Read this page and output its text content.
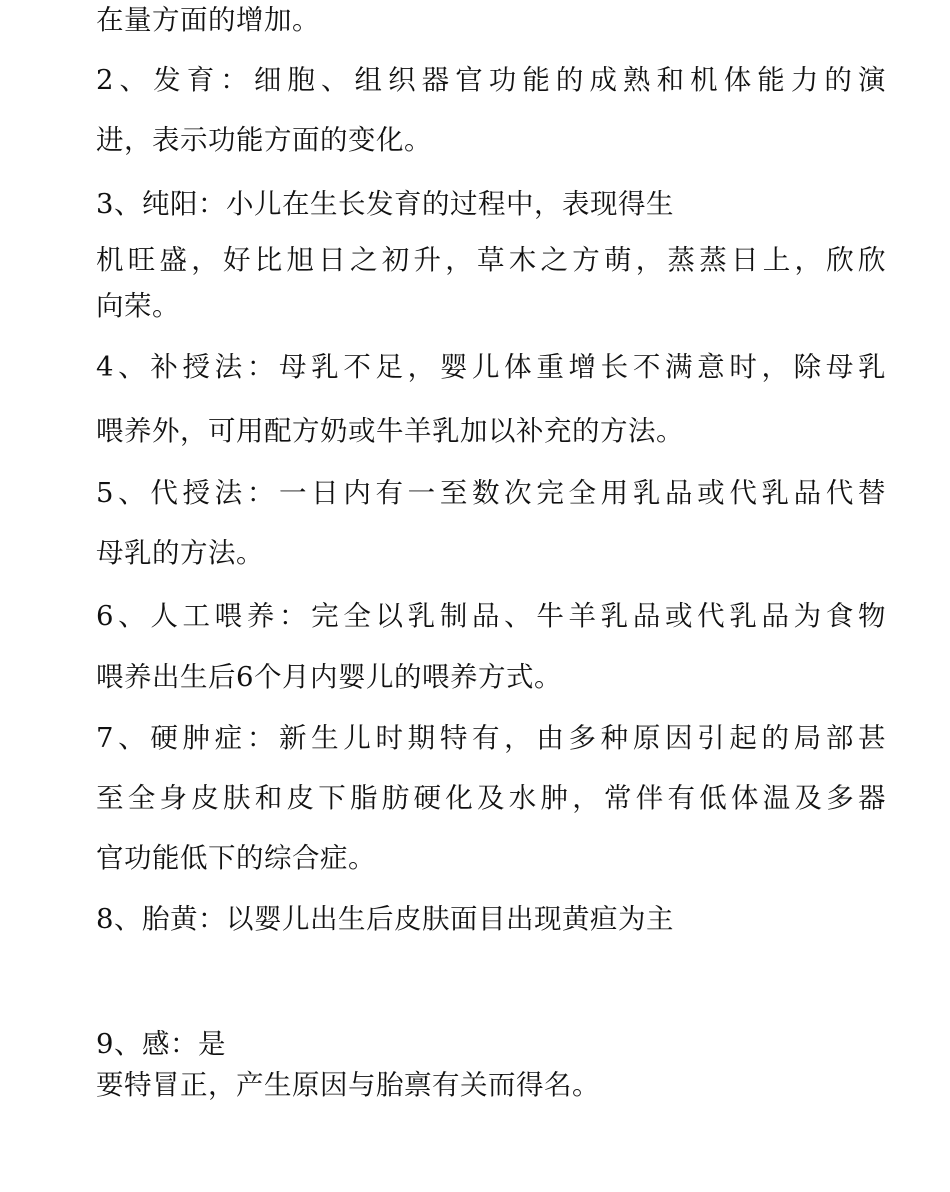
在量方面的增加。
2、发育：细胞、组织器官功能的成熟和机体能力的演
进，表示功能方面的变化。
3、纯阳：小儿在生长发育的过程中，表现得生
机旺盛，好比旭日之初升，草木之方萌，蒸蒸日上，欣欣
向荣。
4、补授法：母乳不足，婴儿体重增长不满意时，除母乳
喂养外，可用配方奶或牛羊乳加以补充的方法。
5、代授法：一日内有一至数次完全用乳品或代乳品代替
母乳的方法。
6、人工喂养：完全以乳制品、牛羊乳品或代乳品为食物
喂养出生后6个月内婴儿的喂养方式。
7、硬肿症：新生儿时期特有，由多种原因引起的局部甚
至全身皮肤和皮下脂肪硬化及水肿，常伴有低体温及多器
官功能低下的综合症。
8、胎黄：以婴儿出生后皮肤面目出现黄疸为主
9、感：是
要特冒正，产生原因与胎禀有关而得名。
